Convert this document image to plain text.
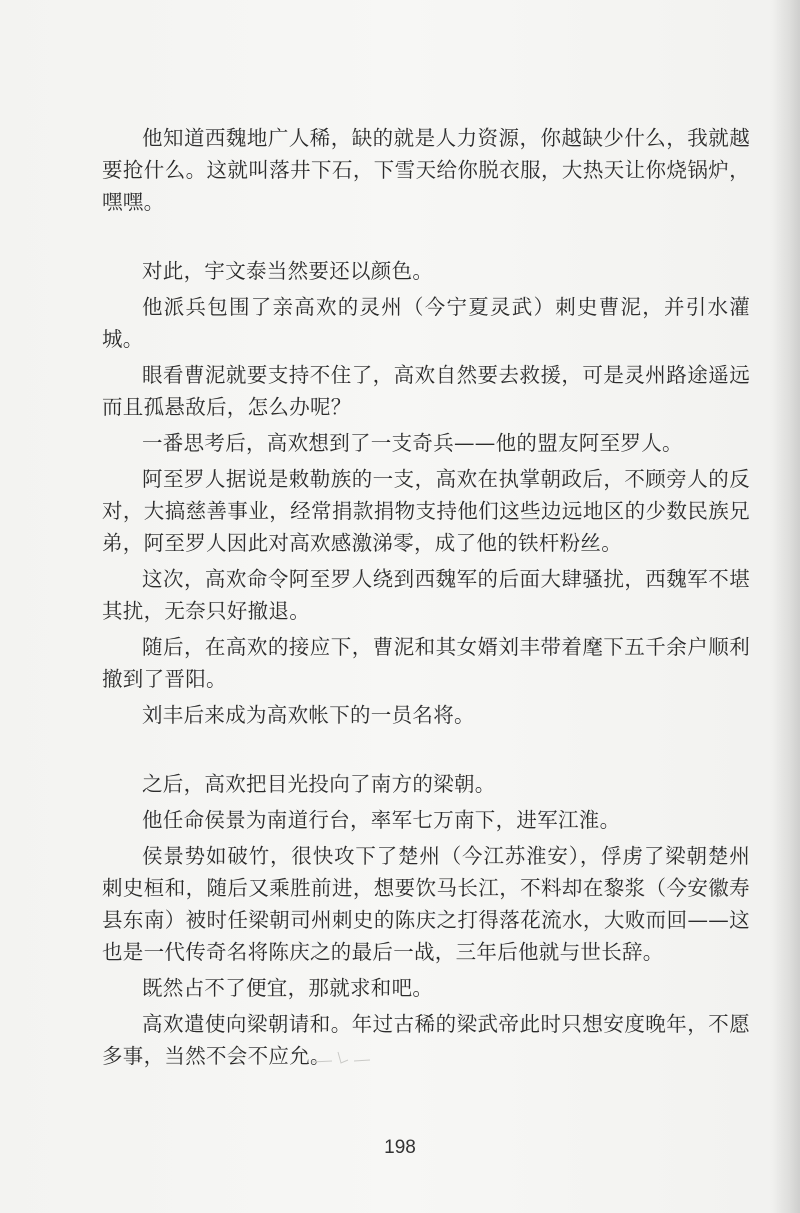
他知道西魏地广人稀，缺的就是人力资源，你越缺少什么，我就越要抢什么。这就叫落井下石，下雪天给你脱衣服，大热天让你烧锅炉，嘿嘿。

对此，宇文泰当然要还以颜色。

他派兵包围了亲高欢的灵州（今宁夏灵武）刺史曹泥，并引水灌城。

眼看曹泥就要支持不住了，高欢自然要去救援，可是灵州路途遥远而且孤悬敌后，怎么办呢？

一番思考后，高欢想到了一支奇兵——他的盟友阿至罗人。

阿至罗人据说是敕勒族的一支，高欢在执掌朝政后，不顾旁人的反对，大搞慈善事业，经常捐款捐物支持他们这些边远地区的少数民族兄弟，阿至罗人因此对高欢感激涕零，成了他的铁杆粉丝。

这次，高欢命令阿至罗人绕到西魏军的后面大肆骚扰，西魏军不堪其扰，无奈只好撤退。

随后，在高欢的接应下，曹泥和其女婿刘丰带着麾下五千余户顺利撤到了晋阳。

刘丰后来成为高欢帐下的一员名将。

之后，高欢把目光投向了南方的梁朝。

他任命侯景为南道行台，率军七万南下，进军江淮。

侯景势如破竹，很快攻下了楚州（今江苏淮安），俘虏了梁朝楚州刺史桓和，随后又乘胜前进，想要饮马长江，不料却在黎浆（今安徽寿县东南）被时任梁朝司州刺史的陈庆之打得落花流水，大败而回——这也是一代传奇名将陈庆之的最后一战，三年后他就与世长辞。

既然占不了便宜，那就求和吧。

高欢遣使向梁朝请和。年过古稀的梁武帝此时只想安度晚年，不愿多事，当然不会不应允。

198
